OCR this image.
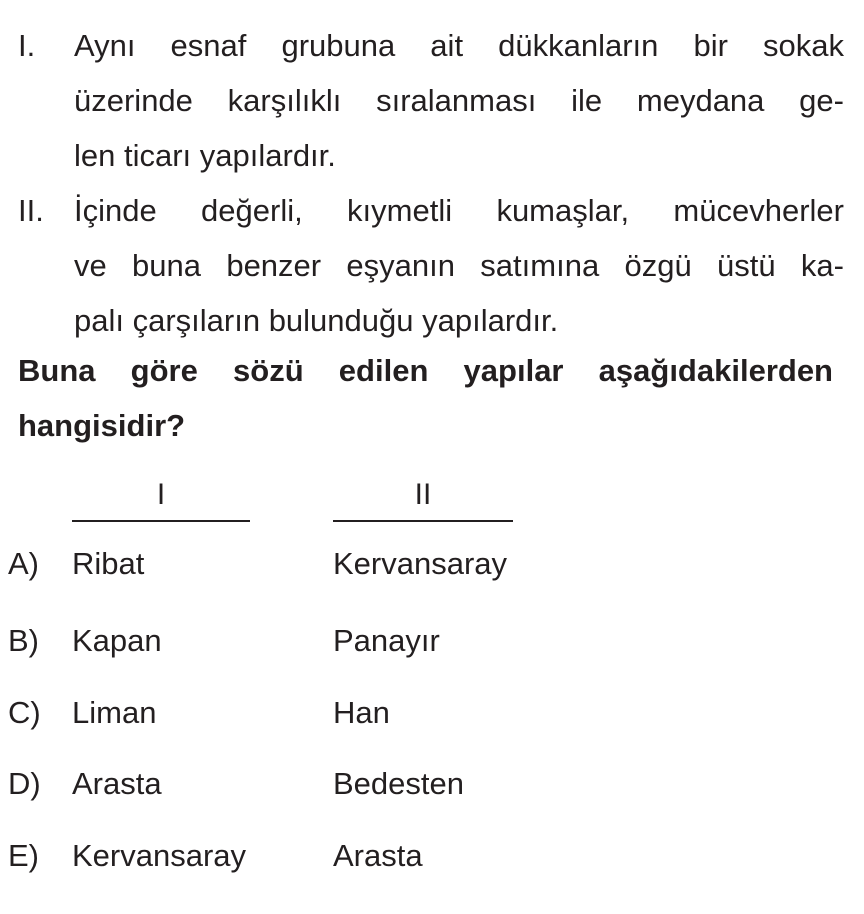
I. Aynı esnaf grubuna ait dükkanların bir sokak
üzerinde karşılıklı sıralanması ile meydana ge-
len ticarı yapılardır.
II. İçinde değerli, kıymetli kumaşlar, mücevherler
ve buna benzer eşyanın satımına özgü üstü ka-
palı çarşıların bulunduğu yapılardır.
Buna göre sözü edilen yapılar aşağıdakilerden
hangisidir?
I	II
A) Ribat	Kervansaray
B) Kapan	Panayır
C) Liman	Han
D) Arasta	Bedesten
E) Kervansaray	Arasta
